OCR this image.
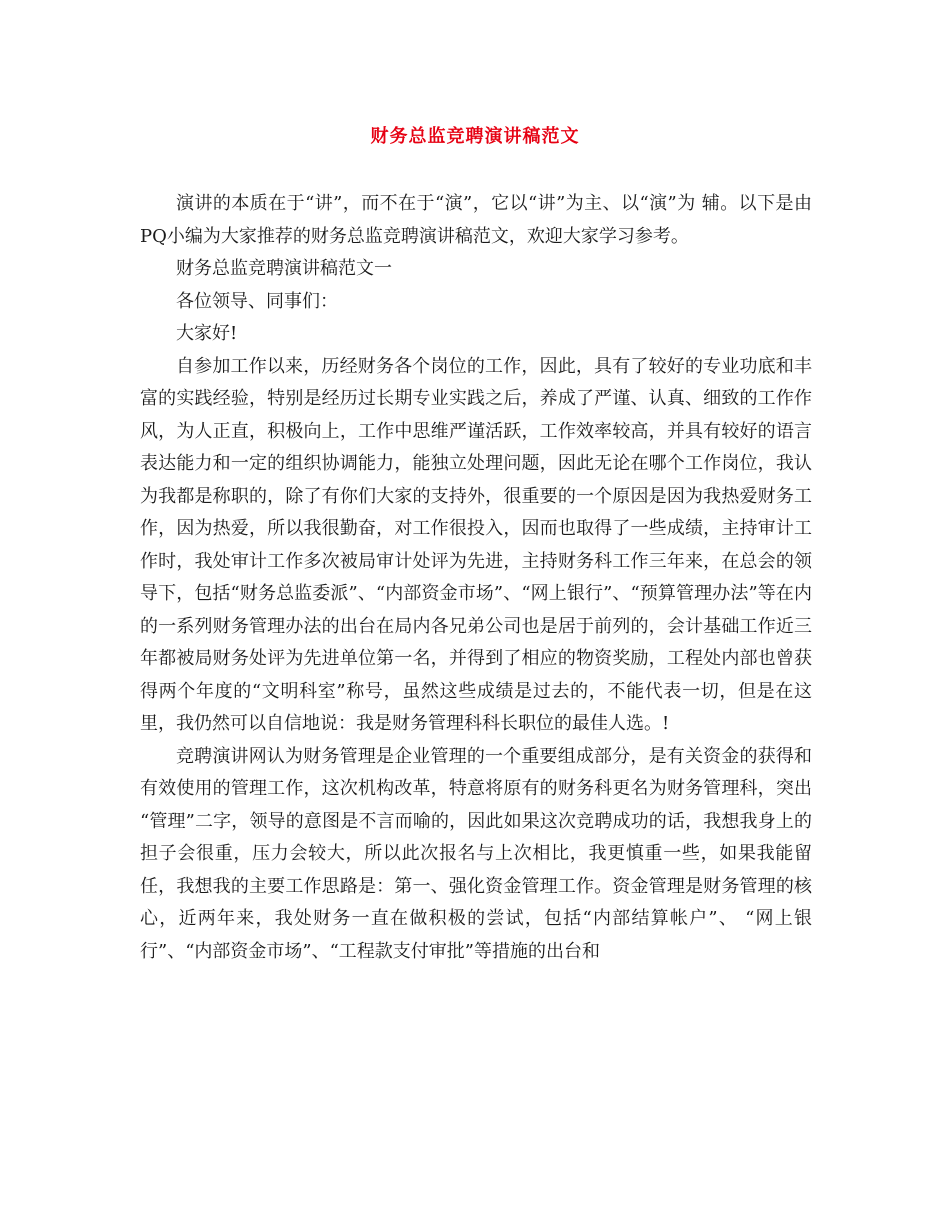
财务总监竞聘演讲稿范文

演讲的本质在于“讲”，而不在于“演”，它以“讲”为主、以“演”为 辅。以下是由PQ小编为大家推荐的财务总监竞聘演讲稿范文，欢迎大家学习参考。

财务总监竞聘演讲稿范文一

各位领导、同事们：

大家好!

自参加工作以来，历经财务各个岗位的工作，因此，具有了较好的专业功底和丰富的实践经验，特别是经历过长期专业实践之后，养成了严谨、认真、细致的工作作风，为人正直，积极向上，工作中思维严谨活跃，工作效率较高，并具有较好的语言表达能力和一定的组织协调能力，能独立处理问题，因此无论在哪个工作岗位，我认为我都是称职的，除了有你们大家的支持外，很重要的一个原因是因为我热爱财务工作，因为热爱，所以我很勤奋，对工作很投入，因而也取得了一些成绩，主持审计工作时，我处审计工作多次被局审计处评为先进，主持财务科工作三年来，在总会的领导下，包括“财务总监委派”、“内部资金市场”、“网上银行”、“预算管理办法”等在内的一系列财务管理办法的出台在局内各兄弟公司也是居于前列的，会计基础工作近三年都被局财务处评为先进单位第一名，并得到了相应的物资奖励，工程处内部也曾获得两个年度的“文明科室”称号，虽然这些成绩是过去的，不能代表一切，但是在这里，我仍然可以自信地说：我是财务管理科科长职位的最佳人选。!

竞聘演讲网认为财务管理是企业管理的一个重要组成部分，是有关资金的获得和有效使用的管理工作，这次机构改革，特意将原有的财务科更名为财务管理科，突出 “管理”二字，领导的意图是不言而喻的，因此如果这次竞聘成功的话，我想我身上的担子会很重，压力会较大，所以此次报名与上次相比，我更慎重一些，如果我能留任，我想我的主要工作思路是：第一、强化资金管理工作。资金管理是财务管理的核心，近两年来，我处财务一直在做积极的尝试，包括“内部结算帐户”、 “网上银行”、“内部资金市场”、“工程款支付审批”等措施的出台和
